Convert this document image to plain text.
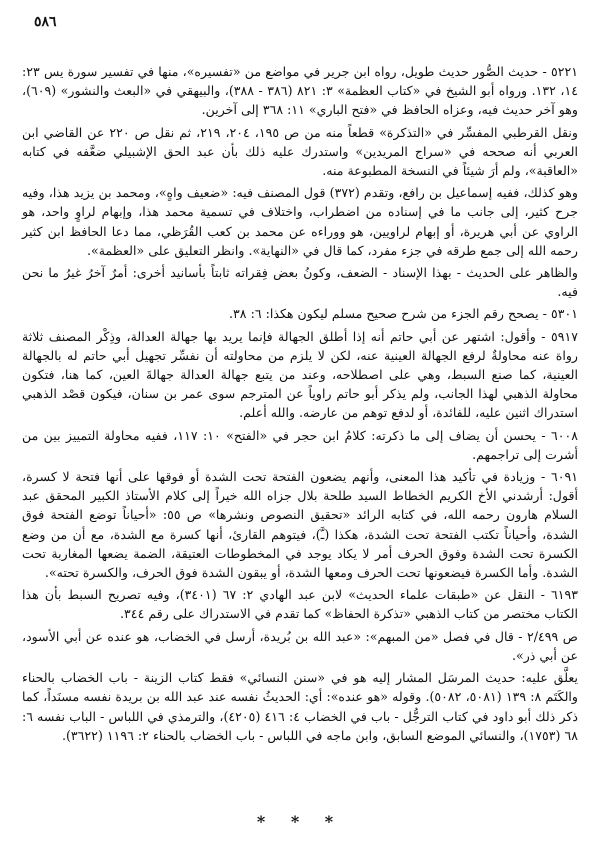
٥٨٦

٥٢٢١ - حديث الصُّور حديث طويل، رواه ابن جرير في مواضع من «تفسيره»، منها في تفسير سورة يس ٢٣: ١٤، ١٣٢. ورواه أبو الشيخ في «كتاب العظمة» ٣: ٨٢١ (٣٨٦ - ٣٨٨)، والبيهقي في «البعث والنشور» (٦٠٩)، وهو آخر حديث فيه، وعزاه الحافظ في «فتح الباري» ١١: ٣٦٨ إلى آخرين.

ونقل القرطبي المفسِّر في «التذكرة» قطعاً منه من ص ١٩٥، ٢٠٤، ٢١٩، ثم نقل ص ٢٢٠ عن القاضي ابن العربي أنه صححه في «سراج المريدين» واستدرك عليه ذلك بأن عبد الحق الإشبيلي ضعَّفه في كتابه «العاقبة»، ولم أرَ شيئاً في النسخة المطبوعة منه.

وهو كذلك، ففيه إسماعيل بن رافع، وتقدم (٣٧٢) قول المصنف فيه: «ضعيف واهٍ»، ومحمد بن يزيد هذا، وفيه جرح كثير، إلى جانب ما في إسناده من اضطراب، واختلاف في تسمية محمد هذا، وإبهام لراوٍ واحد، هو الراوي عن أبي هريرة، أو إبهام لراويين، هو ووراءه عن محمد بن كعب القُرَظي، مما دعا الحافظ ابن كثير رحمه الله إلى جمع طرقه في جزء مفرد، كما قال في «النهاية». وانظر التعليق على «العظمة».

والظاهر على الحديث - بهذا الإسناد - الضعف، وكونُ بعض فِقراته ثابتاً بأسانيد أخرى: أمرٌ آخرُ غيرُ ما نحن فيه.

٥٣٠١ - يصحح رقم الجزء من شرح صحيح مسلم ليكون هكذا: ٦: ٣٨.

٥٩١٧ - وأقول: اشتهر عن أبي حاتم أنه إذا أطلق الجهالة فإنما يريد بها جهالة العدالة، وذِكْر المصنف ثلاثة رواة عنه محاولةٌ لرفع الجهالة العينية عنه، لكن لا يلزم من محاولته أن نفسِّر تجهيل أبي حاتم له بالجهالة العينية، كما صنع السبط، وهي على اصطلاحه، وعند من يتبع جهالة العدالة جهالةَ العين، كما هنا، فتكون محاولة الذهبي لهذا الجانب، ولم يذكر أبو حاتم راوياً عن المترجم سوى عمر بن سنان، فيكون قصْد الذهبي استدراك اثنين عليه، للفائدة، أو لدفع توهم من عارضه. والله أعلم.

٦٠٠٨ - يحسن أن يضاف إلى ما ذكرته: كلامُ ابن حجر في «الفتح» ١٠: ١١٧، ففيه محاولة التمييز بين من أشرت إلى تراجمهم.

٦٠٩١ - وزيادة في تأكيد هذا المعنى، وأنهم يضعون الفتحة تحت الشدة أو فوقها على أنها فتحة لا كسرة، أقول: أرشدني الأخ الكريم الخطاط السيد طلحة بلال جزاه الله خيراً إلى كلام الأستاذ الكبير المحقق عبد السلام هارون رحمه الله، في كتابه الرائد «تحقيق النصوص ونشرها» ص ٥٥: «أحياناً توضع الفتحة فوق الشدة، وأحياناً تكتب الفتحة تحت الشدة، هكذا (ـَّ)، فيتوهم القارئ، أنها كسرة مع الشدة، مع أن من وضع الكسرة تحت الشدة وفوق الحرف أمر لا يكاد يوجد في المخطوطات العتيقة، الضمة يضعها المغاربة تحت الشدة. وأما الكسرة فيضعونها تحت الحرف ومعها الشدة، أو يبقون الشدة فوق الحرف، والكسرة تحته».

٦١٩٣ - النقل عن «طبقات علماء الحديث» لابن عبد الهادي ٢: ٦٧ (٣٤٠١)، وفيه تصريح السبط بأن هذا الكتاب مختصر من كتاب الذهبي «تذكرة الحفاظ» كما تقدم في الاستدراك على رقم ٣٤٤.

ص ٢/٤٩٩ - قال في فصل «من المبهم»: «عبد الله بن بُريدة، أرسل في الخضاب، هو عنده عن أبي الأسود، عن أبي ذر».

يعلَّق عليه: حديث المرسَل المشار إليه هو في «سنن النسائي» فقط كتاب الزينة - باب الخضاب بالحناء والكَتَم ٨: ١٣٩ (٥٠٨١، ٥٠٨٢). وقوله «هو عنده»: أي: الحديثُ نفسه عند عبد الله بن بريدة نفسه مسنَداً، كما ذكر ذلك أبو داود في كتاب الترجُّل - باب في الخضاب ٤: ٤١٦ (٤٢٠٥)، والترمذي في اللباس - الباب نفسه ٦: ٦٨ (١٧٥٣)، والنسائي الموضع السابق، وابن ماجه في اللباس - باب الخضاب بالحناء ٢: ١١٩٦ (٣٦٢٢).

* * *
